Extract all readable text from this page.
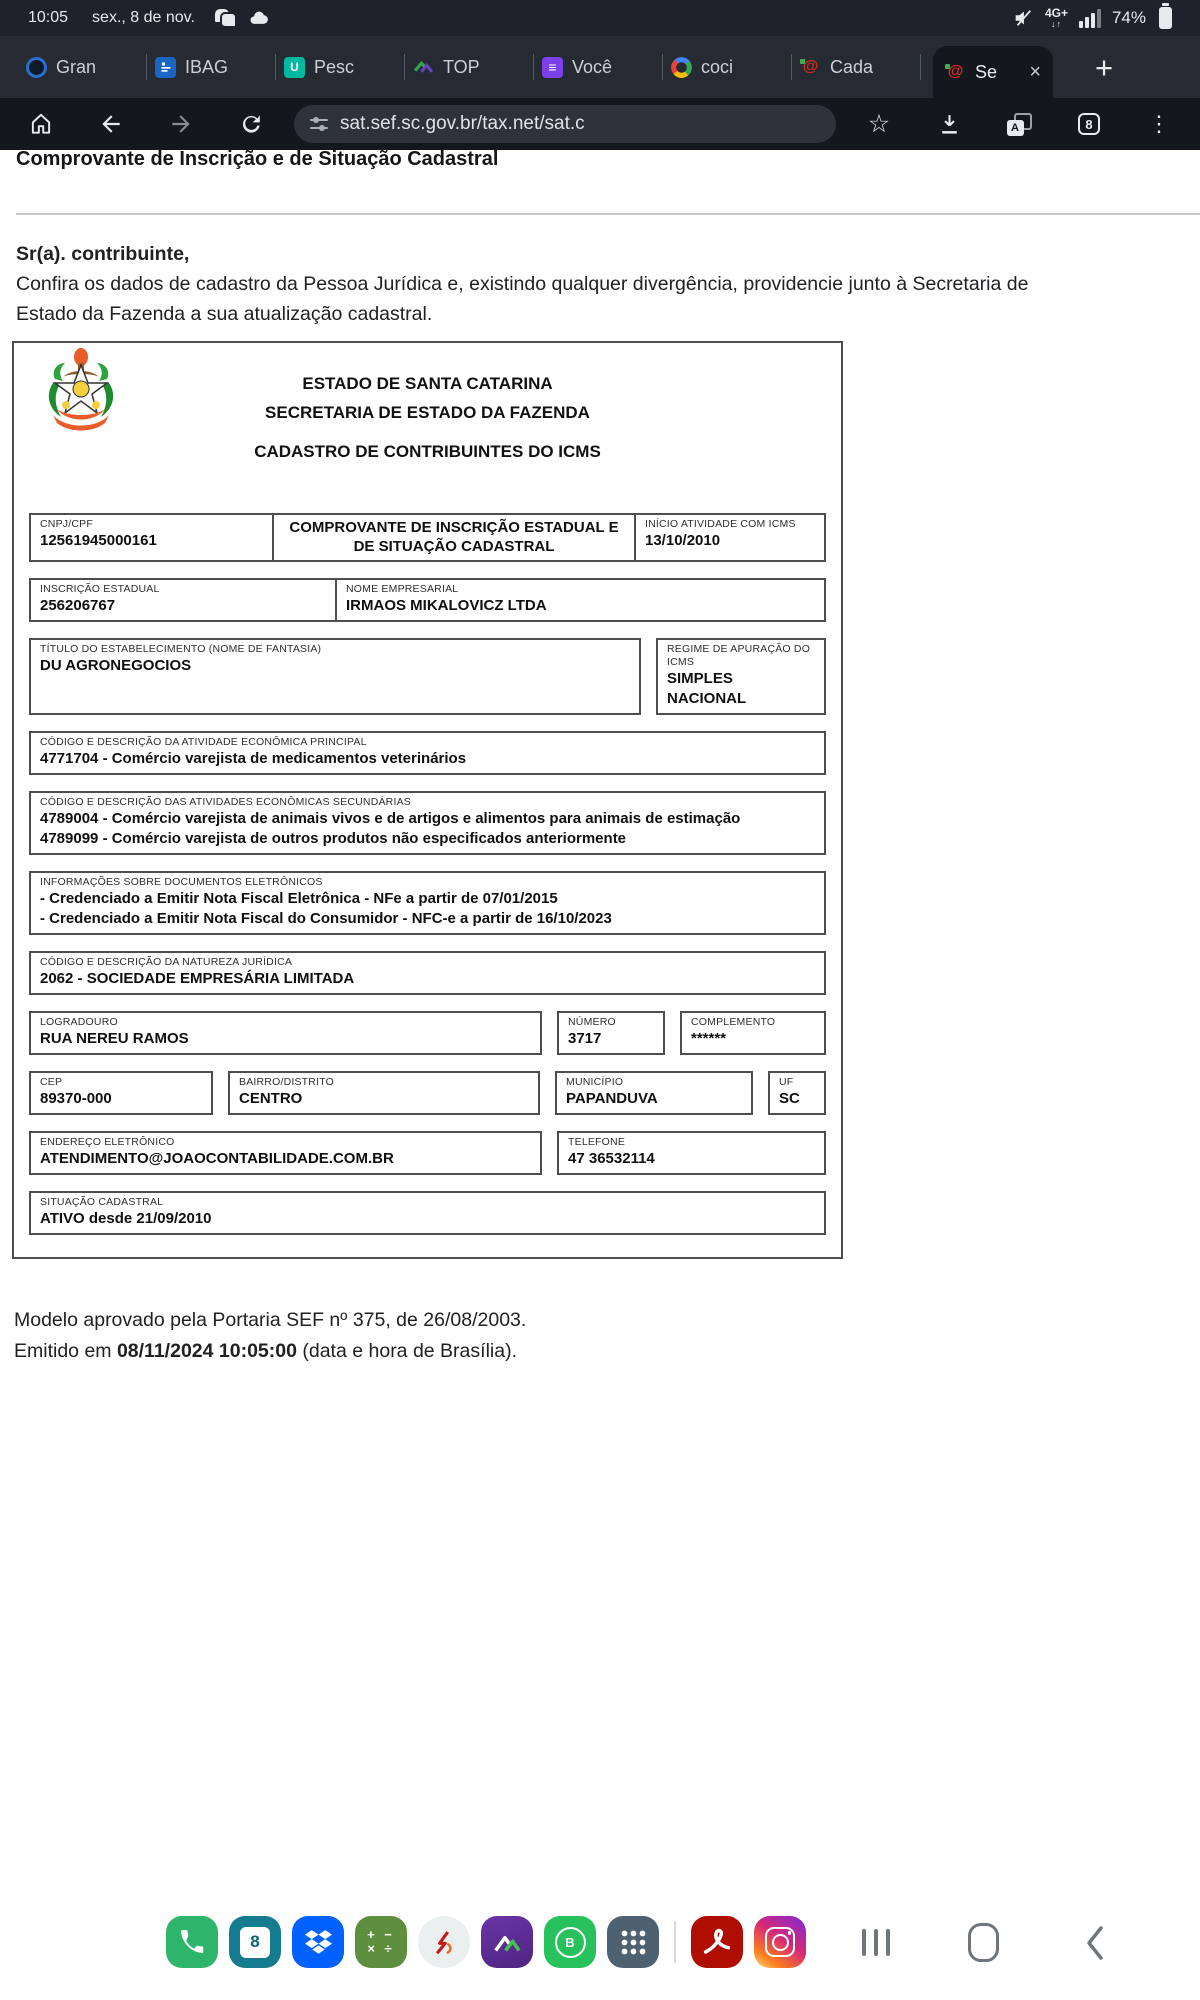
10:05 sex., 8 de nov.	4G+ ↓↑	74%
Gran	IBAG U	Pesc	TOP ≡	Você	coci @	Cada @	Se × +
sat.sef.sc.gov.br/tax.net/sat.c	☆ A	8	⋮
Comprovante de Inscrição e de Situação Cadastral
Sr(a). contribuinte,
Confira os dados de cadastro da Pessoa Jurídica e, existindo qualquer divergência, providencie junto à Secretaria de
Estado da Fazenda a sua atualização cadastral.
ESTADO DE SANTA CATARINA
SECRETARIA DE ESTADO DA FAZENDA
CADASTRO DE CONTRIBUINTES DO ICMS
CNPJ/CPF
12561945000161
COMPROVANTE DE INSCRIÇÃO ESTADUAL E
DE SITUAÇÃO CADASTRAL
INÍCIO ATIVIDADE COM ICMS
13/10/2010
INSCRIÇÃO ESTADUAL
256206767
NOME EMPRESARIAL
IRMAOS MIKALOVICZ LTDA
TÍTULO DO ESTABELECIMENTO (NOME DE FANTASIA)
DU AGRONEGOCIOS
REGIME DE APURAÇÃO DO ICMS
SIMPLES NACIONAL
CÓDIGO E DESCRIÇÃO DA ATIVIDADE ECONÔMICA PRINCIPAL
4771704 - Comércio varejista de medicamentos veterinários
CÓDIGO E DESCRIÇÃO DAS ATIVIDADES ECONÔMICAS SECUNDÁRIAS
4789004 - Comércio varejista de animais vivos e de artigos e alimentos para animais de estimação
4789099 - Comércio varejista de outros produtos não especificados anteriormente
INFORMAÇÕES SOBRE DOCUMENTOS ELETRÔNICOS
- Credenciado a Emitir Nota Fiscal Eletrônica - NFe a partir de 07/01/2015
- Credenciado a Emitir Nota Fiscal do Consumidor - NFC-e a partir de 16/10/2023
CÓDIGO E DESCRIÇÃO DA NATUREZA JURÍDICA
2062 - SOCIEDADE EMPRESÁRIA LIMITADA
LOGRADOURO
RUA NEREU RAMOS
NÚMERO
3717
COMPLEMENTO
******
CEP
89370-000
BAIRRO/DISTRITO
CENTRO
MUNICÍPIO
PAPANDUVA
UF
SC
ENDEREÇO ELETRÔNICO
ATENDIMENTO@JOAOCONTABILIDADE.COM.BR
TELEFONE
47 36532114
SITUAÇÃO CADASTRAL
ATIVO desde 21/09/2010
Modelo aprovado pela Portaria SEF nº 375, de 26/08/2003.
Emitido em 08/11/2024 10:05:00 (data e hora de Brasília).
8
+ −
× ÷
B
